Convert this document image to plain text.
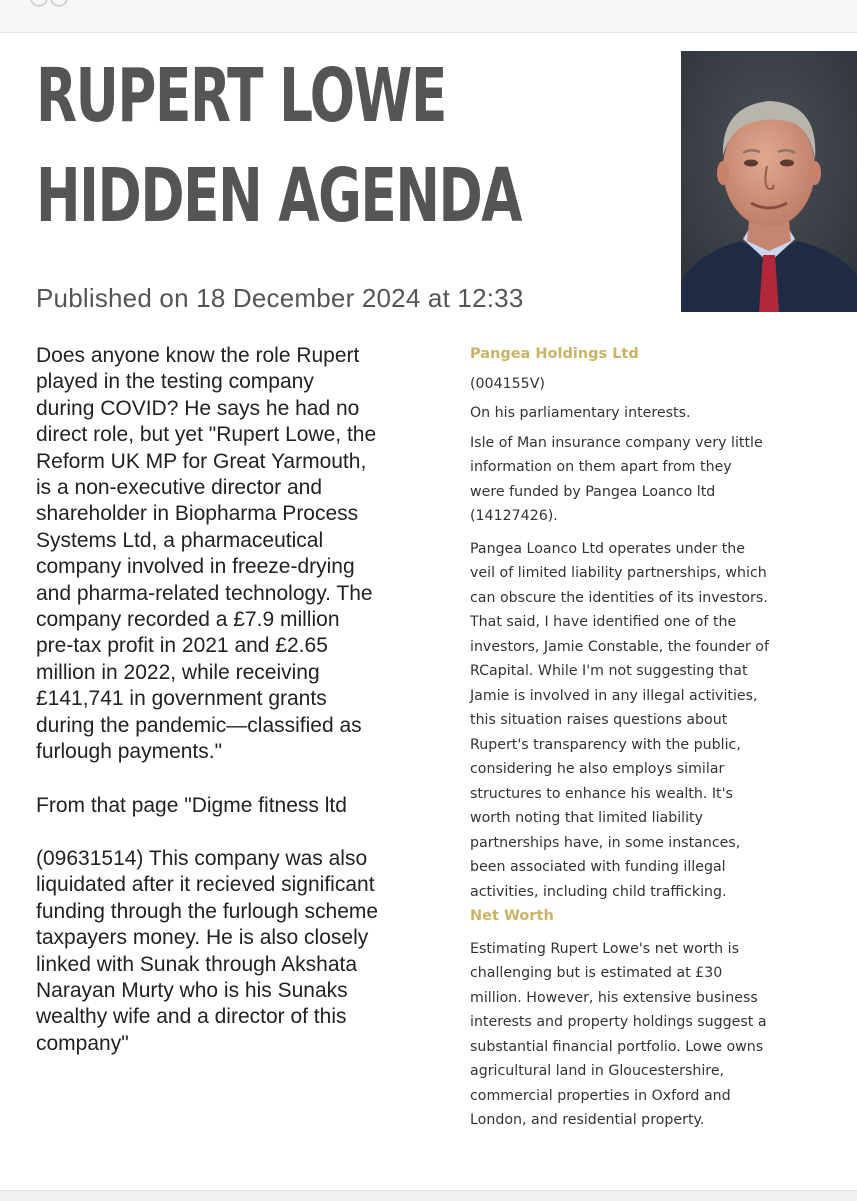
RUPERT LOWE
HIDDEN AGENDA

Published on 18 December 2024 at 12:33

Does anyone know the role Rupert

played in the testing company

during COVID? He says he had no

direct role, but yet "Rupert Lowe, the

Reform UK MP for Great Yarmouth,

is a non-executive director and

shareholder in Biopharma Process

Systems Ltd, a pharmaceutical

company involved in freeze-drying

and pharma-related technology. The

company recorded a £7.9 million

pre-tax profit in 2021 and £2.65

million in 2022, while receiving

£141,741 in government grants

during the pandemic—classified as

furlough payments."

From that page "Digme fitness ltd

(09631514) This company was also

liquidated after it recieved significant

funding through the furlough scheme

taxpayers money. He is also closely

linked with Sunak through Akshata

Narayan Murty who is his Sunaks

wealthy wife and a director of this

company"

Pangea Holdings Ltd

(004155V)

On his parliamentary interests.

Isle of Man insurance company very little

information on them apart from they

were funded by Pangea Loanco ltd

(14127426).

Pangea Loanco Ltd operates under the

veil of limited liability partnerships, which

can obscure the identities of its investors.

That said, I have identified one of the

investors, Jamie Constable, the founder of

RCapital. While I'm not suggesting that

Jamie is involved in any illegal activities,

this situation raises questions about

Rupert's transparency with the public,

considering he also employs similar

structures to enhance his wealth. It's

worth noting that limited liability

partnerships have, in some instances,

been associated with funding illegal

activities, including child trafficking.

Net Worth

Estimating Rupert Lowe's net worth is

challenging but is estimated at £30

million. However, his extensive business

interests and property holdings suggest a

substantial financial portfolio. Lowe owns

agricultural land in Gloucestershire,

commercial properties in Oxford and

London, and residential property.
